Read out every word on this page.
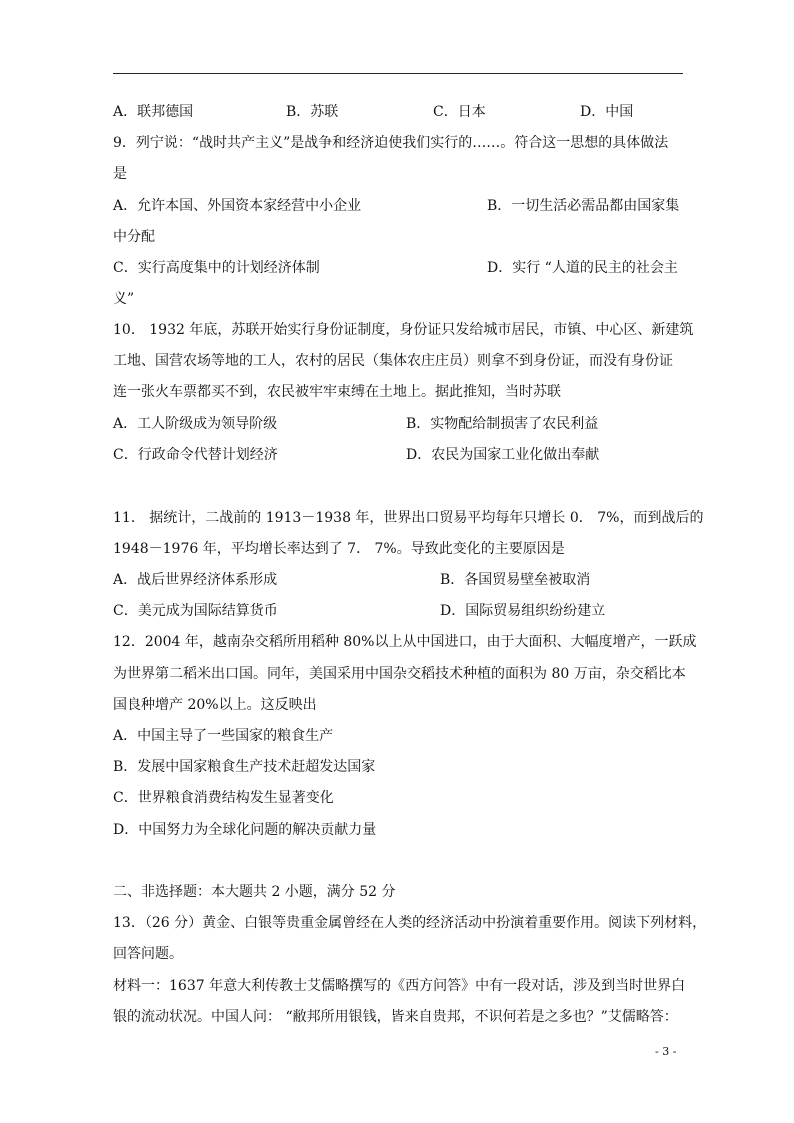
A．联邦德国	B．苏联	C．日本	D．中国
9．列宁说：“战时共产主义”是战争和经济迫使我们实行的……。符合这一思想的具体做法
是
A．允许本国、外国资本家经营中小企业	B．一切生活必需品都由国家集
中分配
C．实行高度集中的计划经济体制	D．实行 “人道的民主的社会主
义”
10． 1932 年底，苏联开始实行身份证制度，身份证只发给城市居民，市镇、中心区、新建筑
工地、国营农场等地的工人，农村的居民（集体农庄庄员）则拿不到身份证，而没有身份证
连一张火车票都买不到，农民被牢牢束缚在土地上。据此推知，当时苏联
A．工人阶级成为领导阶级	B．实物配给制损害了农民利益
C．行政命令代替计划经济	D．农民为国家工业化做出奉献
11． 据统计，二战前的 1913－1938 年，世界出口贸易平均每年只增长 0． 7%，而到战后的
1948－1976 年，平均增长率达到了 7． 7%。导致此变化的主要原因是
A．战后世界经济体系形成	B．各国贸易壁垒被取消
C．美元成为国际结算货币	D．国际贸易组织纷纷建立
12．2004 年，越南杂交稻所用稻种 80%以上从中国进口，由于大面积、大幅度增产，一跃成
为世界第二稻米出口国。同年，美国采用中国杂交稻技术种植的面积为 80 万亩，杂交稻比本
国良种增产 20%以上。这反映出
A．中国主导了一些国家的粮食生产
B．发展中国家粮食生产技术赶超发达国家
C．世界粮食消费结构发生显著变化
D．中国努力为全球化问题的解决贡献力量
二、非选择题：本大题共 2 小题，满分 52 分
13．（26 分）黄金、白银等贵重金属曾经在人类的经济活动中扮演着重要作用。阅读下列材料，
回答问题。
材料一：1637 年意大利传教士艾儒略撰写的《西方问答》中有一段对话，涉及到当时世界白
银的流动状况。中国人问： “敝邦所用银钱，皆来自贵邦，不识何若是之多也？”艾儒略答：
- 3 -
